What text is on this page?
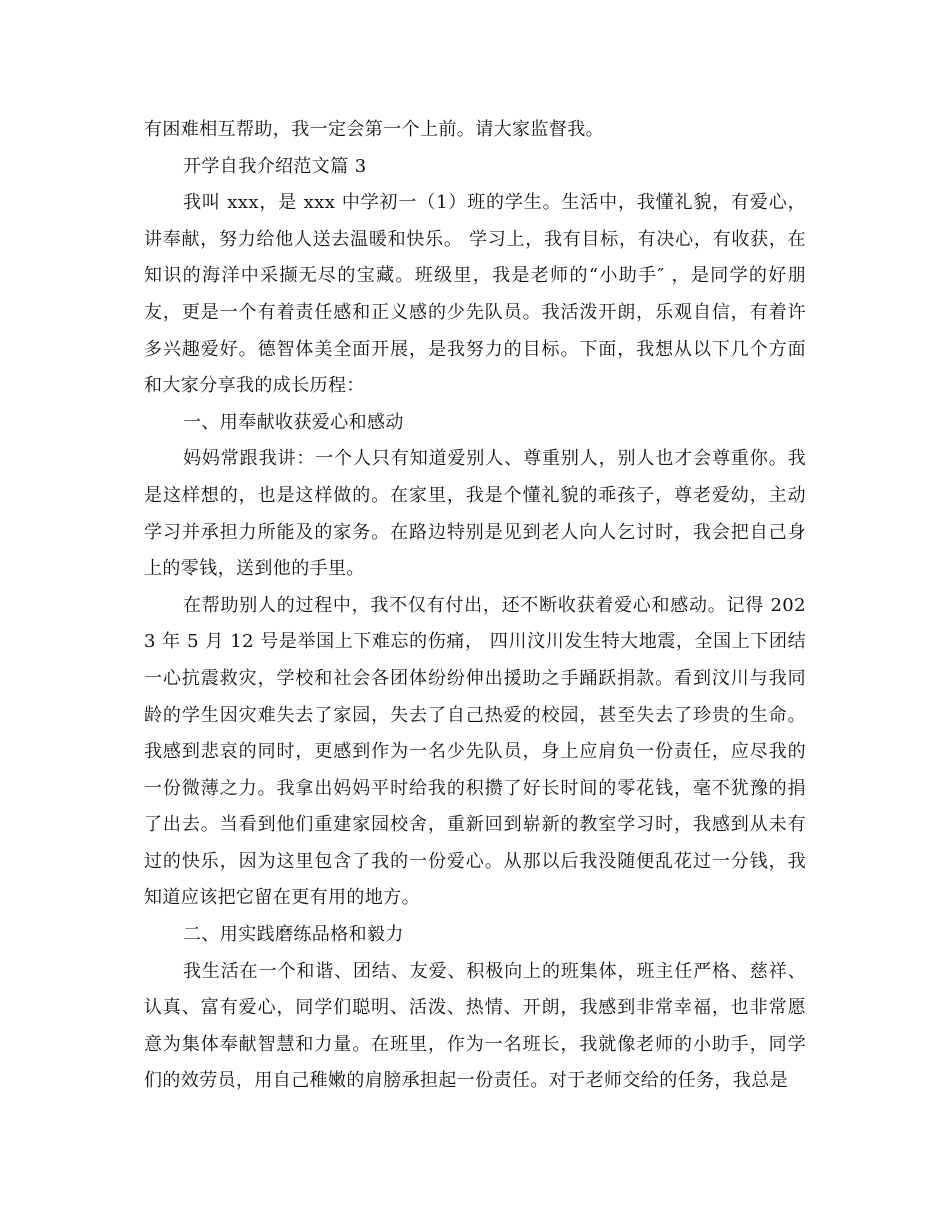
有困难相互帮助，我一定会第一个上前。请大家监督我。

开学自我介绍范文篇 3

我叫 xxx，是 xxx 中学初一（1）班的学生。生活中，我懂礼貌，有爱心，讲奉献，努力给他人送去温暖和快乐。 学习上，我有目标，有决心，有收获，在知识的海洋中采撷无尽的宝藏。班级里，我是老师的“小助手″ ，是同学的好朋友，更是一个有着责任感和正义感的少先队员。我活泼开朗，乐观自信，有着许多兴趣爱好。德智体美全面开展，是我努力的目标。下面，我想从以下几个方面和大家分享我的成长历程：

一、用奉献收获爱心和感动

妈妈常跟我讲：一个人只有知道爱别人、尊重别人，别人也才会尊重你。我是这样想的，也是这样做的。在家里，我是个懂礼貌的乖孩子，尊老爱幼，主动学习并承担力所能及的家务。在路边特别是见到老人向人乞讨时，我会把自己身上的零钱，送到他的手里。

在帮助别人的过程中，我不仅有付出，还不断收获着爱心和感动。记得 2023 年 5 月 12 号是举国上下难忘的伤痛， 四川汶川发生特大地震，全国上下团结一心抗震救灾，学校和社会各团体纷纷伸出援助之手踊跃捐款。看到汶川与我同龄的学生因灾难失去了家园，失去了自己热爱的校园，甚至失去了珍贵的生命。我感到悲哀的同时，更感到作为一名少先队员，身上应肩负一份责任，应尽我的一份微薄之力。我拿出妈妈平时给我的积攒了好长时间的零花钱，毫不犹豫的捐了出去。当看到他们重建家园校舍，重新回到崭新的教室学习时，我感到从未有过的快乐，因为这里包含了我的一份爱心。从那以后我没随便乱花过一分钱，我知道应该把它留在更有用的地方。

二、用实践磨练品格和毅力

我生活在一个和谐、团结、友爱、积极向上的班集体，班主任严格、慈祥、认真、富有爱心，同学们聪明、活泼、热情、开朗，我感到非常幸福，也非常愿意为集体奉献智慧和力量。在班里，作为一名班长，我就像老师的小助手，同学们的效劳员，用自己稚嫩的肩膀承担起一份责任。对于老师交给的任务，我总是
